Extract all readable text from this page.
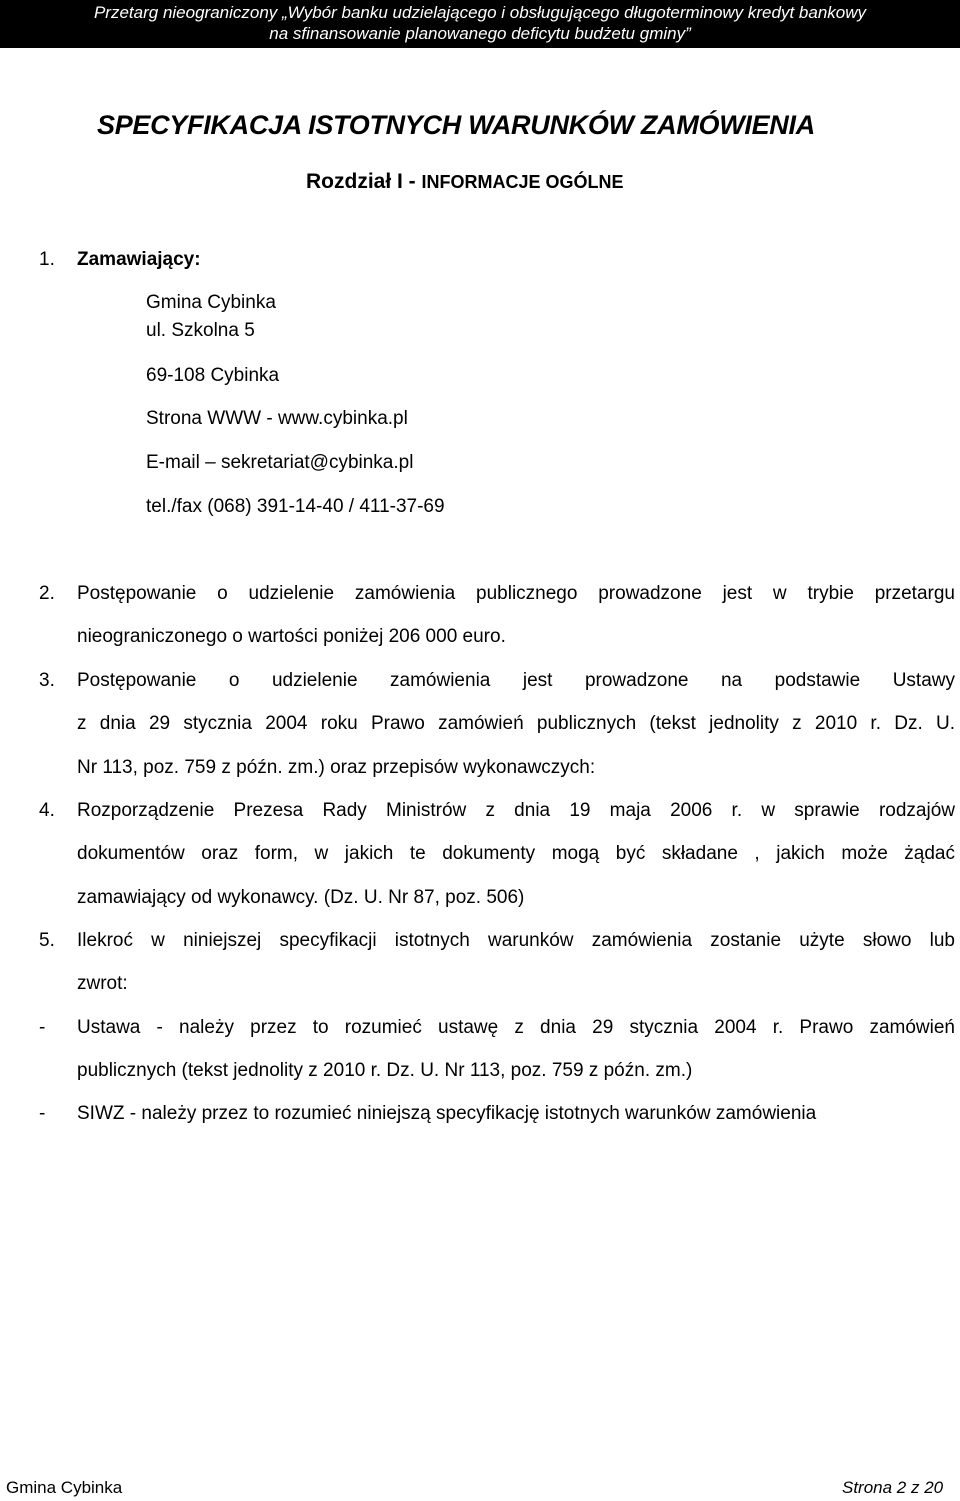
Przetarg nieograniczony „Wybór banku udzielającego i obsługującego długoterminowy kredyt bankowy
na sfinansowanie planowanego deficytu budżetu gminy”
SPECYFIKACJA ISTOTNYCH WARUNKÓW ZAMÓWIENIA
Rozdział I - INFORMACJE OGÓLNE
1. Zamawiający:
Gmina Cybinka
ul. Szkolna 5
69-108 Cybinka
Strona WWW - www.cybinka.pl
E-mail – sekretariat@cybinka.pl
tel./fax (068) 391-14-40 / 411-37-69
2. Postępowanie o udzielenie zamówienia publicznego prowadzone jest w trybie przetargu
nieograniczonego o wartości poniżej 206 000 euro.
3. Postępowanie o udzielenie zamówienia jest prowadzone na podstawie Ustawy
z dnia 29 stycznia 2004 roku Prawo zamówień publicznych (tekst jednolity z 2010 r. Dz. U.
Nr 113, poz. 759 z późn. zm.) oraz przepisów wykonawczych:
4. Rozporządzenie Prezesa Rady Ministrów z dnia 19 maja 2006 r. w sprawie rodzajów
dokumentów oraz form, w jakich te dokumenty mogą być składane , jakich może żądać
zamawiający od wykonawcy. (Dz. U. Nr 87, poz. 506)
5. Ilekroć w niniejszej specyfikacji istotnych warunków zamówienia zostanie użyte słowo lub
zwrot:
- Ustawa - należy przez to rozumieć ustawę z dnia 29 stycznia 2004 r. Prawo zamówień
publicznych (tekst jednolity z 2010 r. Dz. U. Nr 113, poz. 759 z późn. zm.)
- SIWZ - należy przez to rozumieć niniejszą specyfikację istotnych warunków zamówienia
Gmina Cybinka	Strona 2 z 20
